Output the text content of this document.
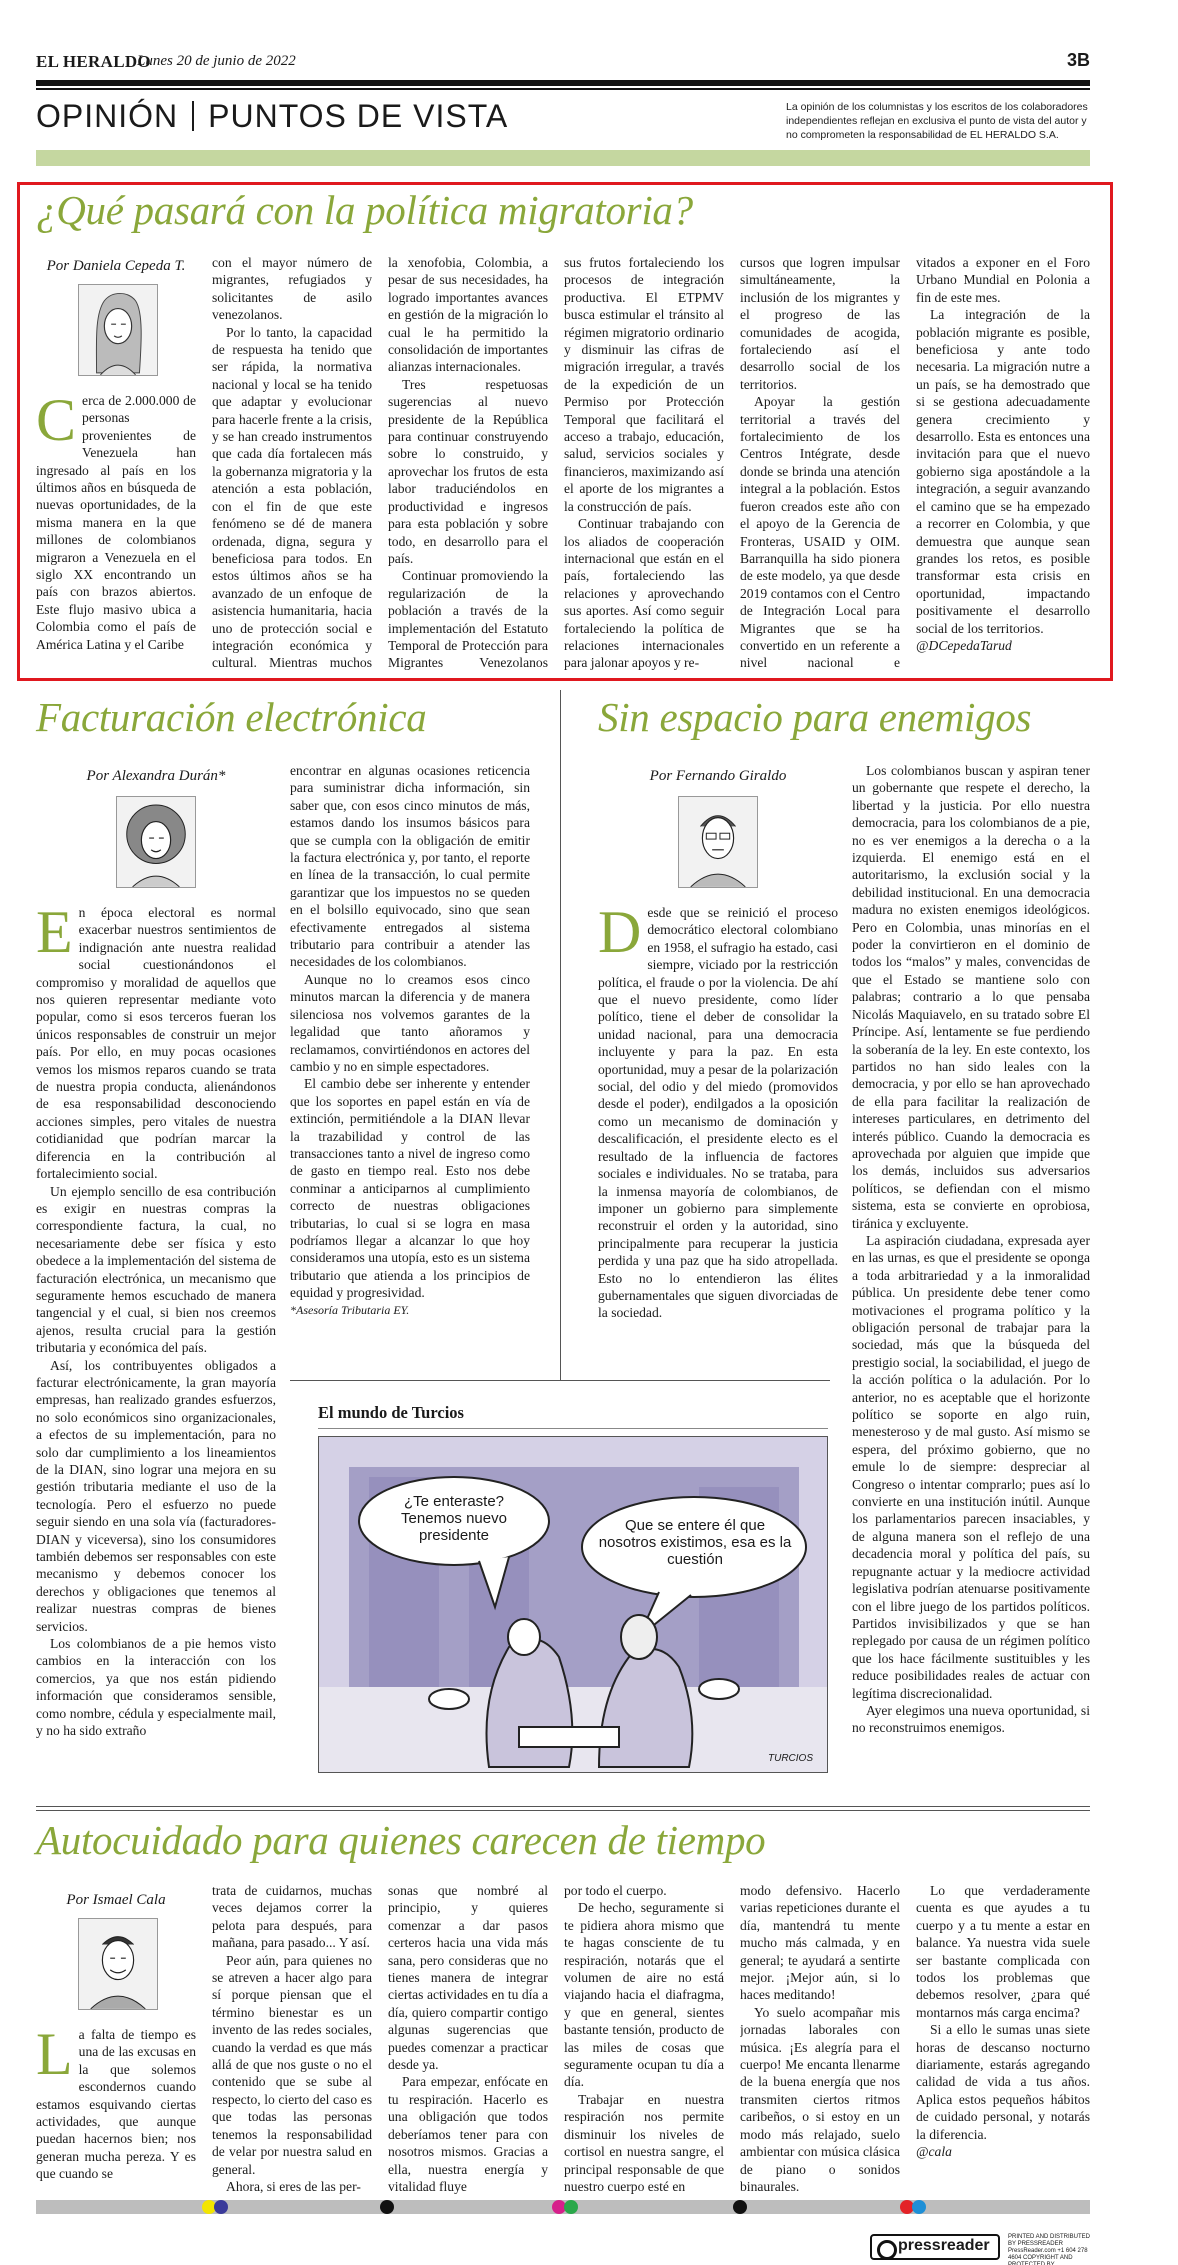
EL HERALDO
Lunes 20 de junio de 2022	3B
OPINIÓN PUNTOS DE VISTA	La opinión de los columnistas y los escritos de los colaboradores independientes reflejan en exclusiva el punto de vista del autor y no comprometen la responsabilidad de EL HERALDO S.A.
¿Qué pasará con la política migratoria?
Por Daniela Cepeda T.
C erca de 2.000.000 de personas provenientes de Venezuela han ingresado al país en los últimos años en búsqueda de nuevas oportunidades, de la misma manera en la que millones de colombianos migraron a Venezuela en el siglo XX encontrando un país con brazos abiertos. Este flujo masivo ubica a Colombia como el país de América Latina y el Caribe

con el mayor número de migrantes, refugiados y solicitantes de asilo venezolanos.

Por lo tanto, la capacidad de respuesta ha tenido que ser rápida, la normativa nacional y local se ha tenido que adaptar y evolucionar para hacerle frente a la crisis, y se han creado instrumentos que cada día fortalecen más la gobernanza migratoria y la atención a esta población, con el fin de que este fenómeno se dé de manera ordenada, digna, segura y beneficiosa para todos. En estos últimos años se ha avanzado de un enfoque de asistencia humanitaria, hacia uno de protección social e integración económica y cultural. Mientras muchos

la xenofobia, Colombia, a pesar de sus necesidades, ha logrado importantes avances en gestión de la migración lo cual le ha permitido la consolidación de importantes alianzas internacionales.

Tres respetuosas sugerencias al nuevo presidente de la República para continuar construyendo sobre lo construido, y aprovechar los frutos de esta labor traduciéndolos en productividad e ingresos para esta población y sobre todo, en desarrollo para el país.

Continuar promoviendo la regularización de la población a través de la implementación del Estatuto Temporal de Protección para Migrantes Venezolanos

sus frutos fortaleciendo los procesos de integración productiva. El ETPMV busca estimular el tránsito al régimen migratorio ordinario y disminuir las cifras de migración irregular, a través de la expedición de un Permiso por Protección Temporal que facilitará el acceso a trabajo, educación, salud, servicios sociales y financieros, maximizando así el aporte de los migrantes a la construcción de país.

Continuar trabajando con los aliados de cooperación internacional que están en el país, fortaleciendo las relaciones y aprovechando sus aportes. Así como seguir fortaleciendo la política de relaciones internacionales para jalonar apoyos y re-

cursos que logren impulsar simultáneamente, la inclusión de los migrantes y el progreso de las comunidades de acogida, fortaleciendo así el desarrollo social de los territorios.

Apoyar la gestión territorial a través del fortalecimiento de los Centros Intégrate, desde donde se brinda una atención integral a la población. Estos fueron creados este año con el apoyo de la Gerencia de Fronteras, USAID y OIM. Barranquilla ha sido pionera de este modelo, ya que desde 2019 contamos con el Centro de Integración Local para Migrantes que se ha convertido en un referente a nivel nacional e

vitados a exponer en el Foro Urbano Mundial en Polonia a fin de este mes.

La integración de la población migrante es posible, beneficiosa y ante todo necesaria. La migración nutre a un país, se ha demostrado que si se gestiona adecuadamente genera crecimiento y desarrollo. Esta es entonces una invitación para que el nuevo gobierno siga apostándole a la integración, a seguir avanzando el camino que se ha empezado a recorrer en Colombia, y que demuestra que aunque sean grandes los retos, es posible transformar esta crisis en oportunidad, impactando positivamente el desarrollo social de los territorios.

@DCepedaTarud

Facturación electrónica
Por Alexandra Durán*
E n época electoral es normal exacerbar nuestros sentimientos de indignación ante nuestra realidad social cuestionándonos el compromiso y moralidad de aquellos que nos quieren representar mediante voto popular, como si esos terceros fueran los únicos responsables de construir un mejor país. Por ello, en muy pocas ocasiones vemos los mismos reparos cuando se trata de nuestra propia conducta, alienándonos de esa responsabilidad desconociendo acciones simples, pero vitales de nuestra cotidianidad que podrían marcar la diferencia en la contribución al fortalecimiento social.

Un ejemplo sencillo de esa contribución es exigir en nuestras compras la correspondiente factura, la cual, no necesariamente debe ser física y esto obedece a la implementación del sistema de facturación electrónica, un mecanismo que seguramente hemos escuchado de manera tangencial y el cual, si bien nos creemos ajenos, resulta crucial para la gestión tributaria y económica del país.

Así, los contribuyentes obligados a facturar electrónicamente, la gran mayoría empresas, han realizado grandes esfuerzos, no solo económicos sino organizacionales, a efectos de su implementación, para no solo dar cumplimiento a los lineamientos de la DIAN, sino lograr una mejora en su gestión tributaria mediante el uso de la tecnología. Pero el esfuerzo no puede seguir siendo en una sola vía (facturadores-DIAN y viceversa), sino los consumidores también debemos ser responsables con este mecanismo y debemos conocer los derechos y obligaciones que tenemos al realizar nuestras compras de bienes servicios.

Los colombianos de a pie hemos visto cambios en la interacción con los comercios, ya que nos están pidiendo información que consideramos sensible, como nombre, cédula y especialmente mail, y no ha sido extraño

encontrar en algunas ocasiones reticencia para suministrar dicha información, sin saber que, con esos cinco minutos de más, estamos dando los insumos básicos para que se cumpla con la obligación de emitir la factura electrónica y, por tanto, el reporte en línea de la transacción, lo cual permite garantizar que los impuestos no se queden en el bolsillo equivocado, sino que sean efectivamente entregados al sistema tributario para contribuir a atender las necesidades de los colombianos.

Aunque no lo creamos esos cinco minutos marcan la diferencia y de manera silenciosa nos volvemos garantes de la legalidad que tanto añoramos y reclamamos, convirtiéndonos en actores del cambio y no en simple espectadores.

El cambio debe ser inherente y entender que los soportes en papel están en vía de extinción, permitiéndole a la DIAN llevar la trazabilidad y control de las transacciones tanto a nivel de ingreso como de gasto en tiempo real. Esto nos debe conminar a anticiparnos al cumplimiento correcto de nuestras obligaciones tributarias, lo cual si se logra en masa podríamos llegar a alcanzar lo que hoy consideramos una utopía, esto es un sistema tributario que atienda a los principios de equidad y progresividad.

*Asesoría Tributaria EY.

El mundo de Turcios
¿Te enteraste? Tenemos nuevo presidente
Que se entere él que nosotros existimos, esa es la cuestión
TURCIOS
Sin espacio para enemigos
Por Fernando Giraldo
D esde que se reinició el proceso democrático electoral colombiano en 1958, el sufragio ha estado, casi siempre, viciado por la restricción política, el fraude o por la violencia. De ahí que el nuevo presidente, como líder político, tiene el deber de consolidar la unidad nacional, para una democracia incluyente y para la paz. En esta oportunidad, muy a pesar de la polarización social, del odio y del miedo (promovidos desde el poder), endilgados a la oposición como un mecanismo de dominación y descalificación, el presidente electo es el resultado de la influencia de factores sociales e individuales. No se trataba, para la inmensa mayoría de colombianos, de imponer un gobierno para simplemente reconstruir el orden y la autoridad, sino principalmente para recuperar la justicia perdida y una paz que ha sido atropellada. Esto no lo entendieron las élites gubernamentales que siguen divorciadas de la sociedad.

Los colombianos buscan y aspiran tener un gobernante que respete el derecho, la libertad y la justicia. Por ello nuestra democracia, para los colombianos de a pie, no es ver enemigos a la derecha o a la izquierda. El enemigo está en el autoritarismo, la exclusión social y la debilidad institucional. En una democracia madura no existen enemigos ideológicos. Pero en Colombia, unas minorías en el poder la convirtieron en el dominio de todos los “malos” y males, convencidas de que el Estado se mantiene solo con palabras; contrario a lo que pensaba Nicolás Maquiavelo, en su tratado sobre El Príncipe. Así, lentamente se fue perdiendo la soberanía de la ley. En este contexto, los partidos no han sido leales con la democracia, y por ello se han aprovechado de ella para facilitar la realización de intereses particulares, en detrimento del interés público. Cuando la democracia es aprovechada por alguien que impide que los demás, incluidos sus adversarios políticos, se defiendan con el mismo sistema, esta se convierte en oprobiosa, tiránica y excluyente.

La aspiración ciudadana, expresada ayer en las urnas, es que el presidente se oponga a toda arbitrariedad y a la inmoralidad pública. Un presidente debe tener como motivaciones el programa político y la obligación personal de trabajar para la sociedad, más que la búsqueda del prestigio social, la sociabilidad, el juego de la acción política o la adulación. Por lo anterior, no es aceptable que el horizonte político se soporte en algo ruin, menesteroso y de mal gusto. Así mismo se espera, del próximo gobierno, que no emule lo de siempre: despreciar al Congreso o intentar comprarlo; pues así lo convierte en una institución inútil. Aunque los parlamentarios parecen insaciables, y de alguna manera son el reflejo de una decadencia moral y política del país, su repugnante actuar y la mediocre actividad legislativa podrían atenuarse positivamente con el libre juego de los partidos políticos. Partidos invisibilizados y que se han replegado por causa de un régimen político que los hace fácilmente sustituibles y les reduce posibilidades reales de actuar con legítima discrecionalidad.

Ayer elegimos una nueva oportunidad, si no reconstruimos enemigos.

Autocuidado para quienes carecen de tiempo
Por Ismael Cala
L a falta de tiempo es una de las excusas en la que solemos escondernos cuando estamos esquivando ciertas actividades, que aunque puedan hacernos bien; nos generan mucha pereza. Y es que cuando se

trata de cuidarnos, muchas veces dejamos correr la pelota para después, para mañana, para pasado... Y así.

Peor aún, para quienes no se atreven a hacer algo para sí porque piensan que el término bienestar es un invento de las redes sociales, cuando la verdad es que más allá de que nos guste o no el contenido que se sube al respecto, lo cierto del caso es que todas las personas tenemos la responsabilidad de velar por nuestra salud en general.

Ahora, si eres de las per-

sonas que nombré al principio, y quieres comenzar a dar pasos certeros hacia una vida más sana, pero consideras que no tienes manera de integrar ciertas actividades en tu día a día, quiero compartir contigo algunas sugerencias que puedes comenzar a practicar desde ya.

Para empezar, enfócate en tu respiración. Hacerlo es una obligación que todos deberíamos tener para con nosotros mismos. Gracias a ella, nuestra energía y vitalidad fluye

por todo el cuerpo.

De hecho, seguramente si te pidiera ahora mismo que te hagas consciente de tu respiración, notarás que el volumen de aire no está viajando hacia el diafragma, y que en general, sientes bastante tensión, producto de las miles de cosas que seguramente ocupan tu día a día.

Trabajar en nuestra respiración nos permite disminuir los niveles de cortisol en nuestra sangre, el principal responsable de que nuestro cuerpo esté en

modo defensivo. Hacerlo varias repeticiones durante el día, mantendrá tu mente mucho más calmada, y en general; te ayudará a sentirte mejor. ¡Mejor aún, si lo haces meditando!

Yo suelo acompañar mis jornadas laborales con música. ¡Es alegría para el cuerpo! Me encanta llenarme de la buena energía que nos transmiten ciertos ritmos caribeños, o si estoy en un modo más relajado, suelo ambientar con música clásica de piano o sonidos binaurales.

Lo que verdaderamente cuenta es que ayudes a tu cuerpo y a tu mente a estar en balance. Ya nuestra vida suele ser bastante complicada con todos los problemas que debemos resolver, ¿para qué montarnos más carga encima?

Si a ello le sumas unas siete horas de descanso nocturno diariamente, estarás agregando calidad de vida a tus años. Aplica estos pequeños hábitos de cuidado personal, y notarás la diferencia.

@cala

pressreader	PRINTED AND DISTRIBUTED BY PRESSREADER PressReader.com +1 604 278 4604 COPYRIGHT AND PROTECTED BY
